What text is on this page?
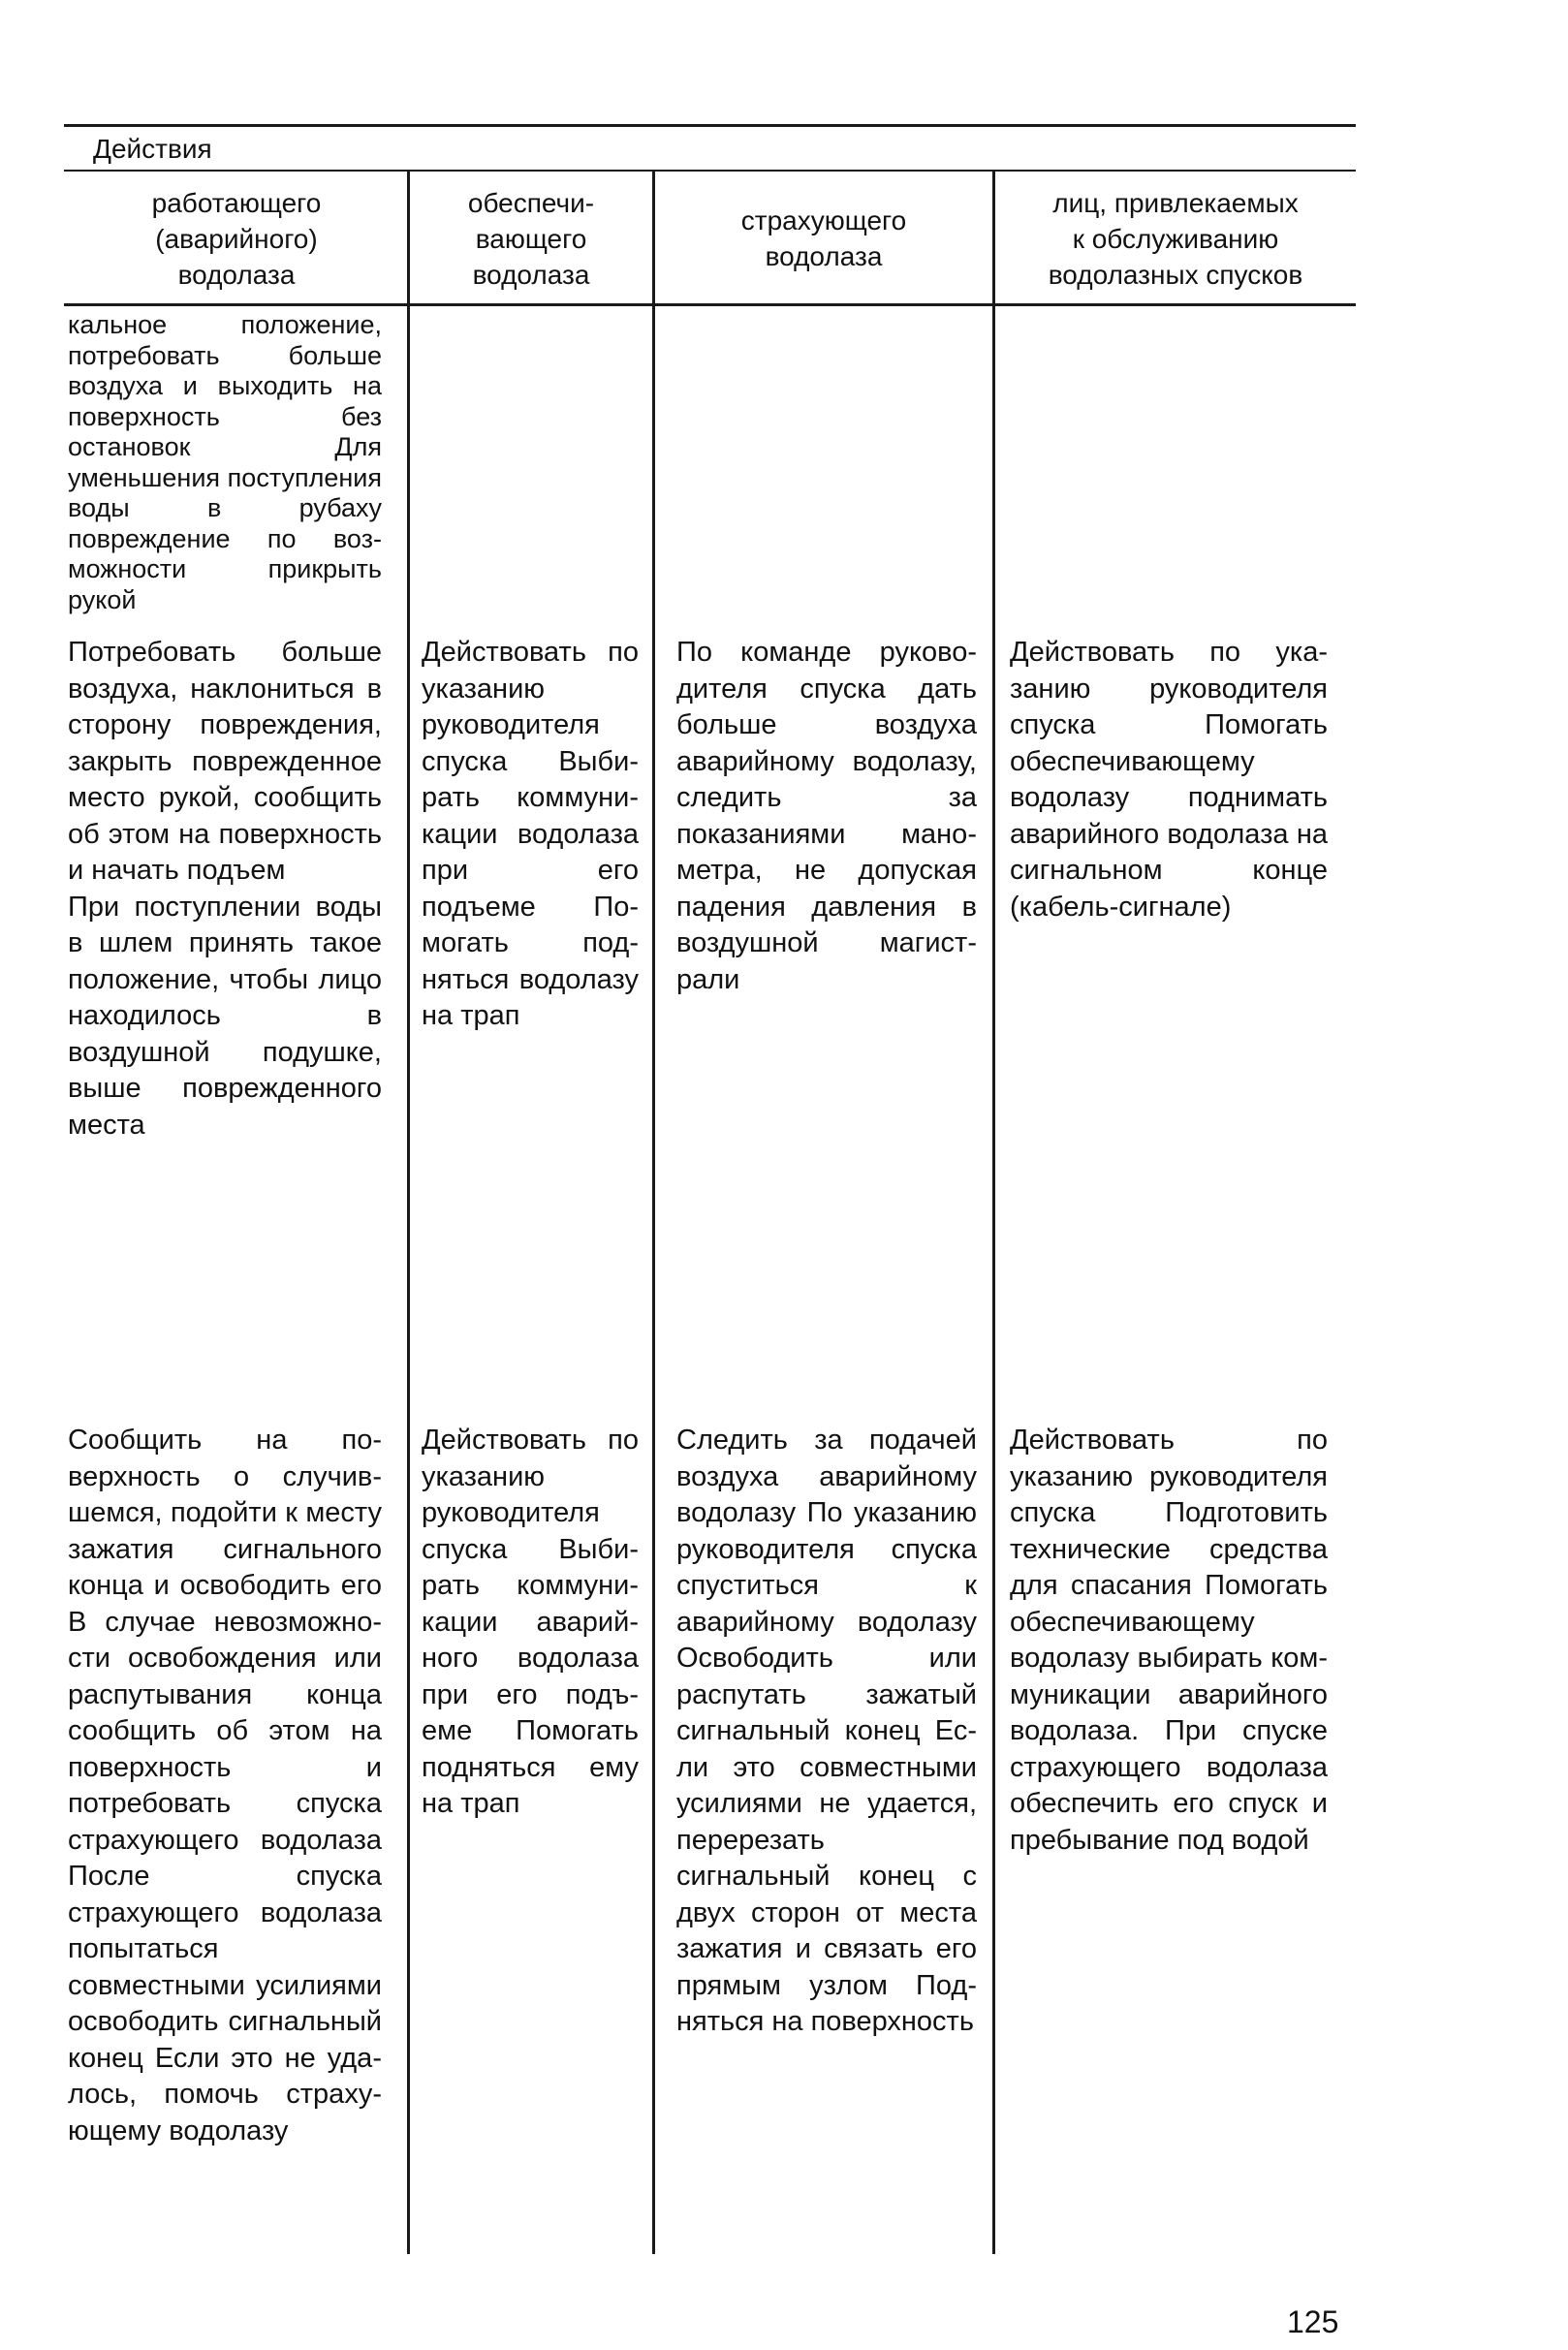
Действия
работающего
(аварийного)
водолаза
обеспечи-
вающего
водолаза
страхующего
водолаза
лиц, привлекаемых
к обслуживанию
водолазных спусков

кальное положение, потребовать больше воздуха и выходить на поверхность без остановок Для уменьшения поступления воды в рубаху повреждение по возможности прикрыть рукой

Потребовать больше воздуха, наклониться в сторону повреждения, закрыть поврежденное место рукой, сообщить об этом на поверхность и начать подъем

При поступлении воды в шлем принять такое положение, чтобы лицо находилось в воздушной подушке, выше поврежденного места

Действовать по указанию руководителя спуска Выбирать коммуникации водолаза при его подъеме Помогать подняться водолазу на трап

По команде руководителя спуска дать больше воздуха аварийному водолазу, следить за показаниями манометра, не допуская падения давления в воздушной магистрали

Действовать по указанию руководителя спуска Помогать обеспечивающему водолазу поднимать аварийного водолаза на сигнальном конце (кабель-сигнале)

Сообщить на поверхность о случившемся, подойти к месту зажатия сигнального конца и освободить его В случае невозможности освобождения или распутывания конца сообщить об этом на поверхность и потребовать спуска страхующего водолаза После спуска страхующего водолаза попытаться совместными усилиями освободить сигнальный конец Если это не удалось, помочь страхующему водолазу

Действовать по указанию руководителя спуска Выбирать коммуникации аварийного водолаза при его подъеме Помогать подняться ему на трап

Следить за подачей воздуха аварийному водолазу По указанию руководителя спуска спуститься к аварийному водолазу Освободить или распутать зажатый сигнальный конец Если это совместными усилиями не удается, перерезать сигнальный конец с двух сторон от места зажатия и связать его прямым узлом Подняться на поверхность

Действовать по указанию руководителя спуска Подготовить технические средства для спасания Помогать обеспечивающему водолазу выбирать коммуникации аварийного водолаза. При спуске страхующего водолаза обеспечить его спуск и пребывание под водой

125
